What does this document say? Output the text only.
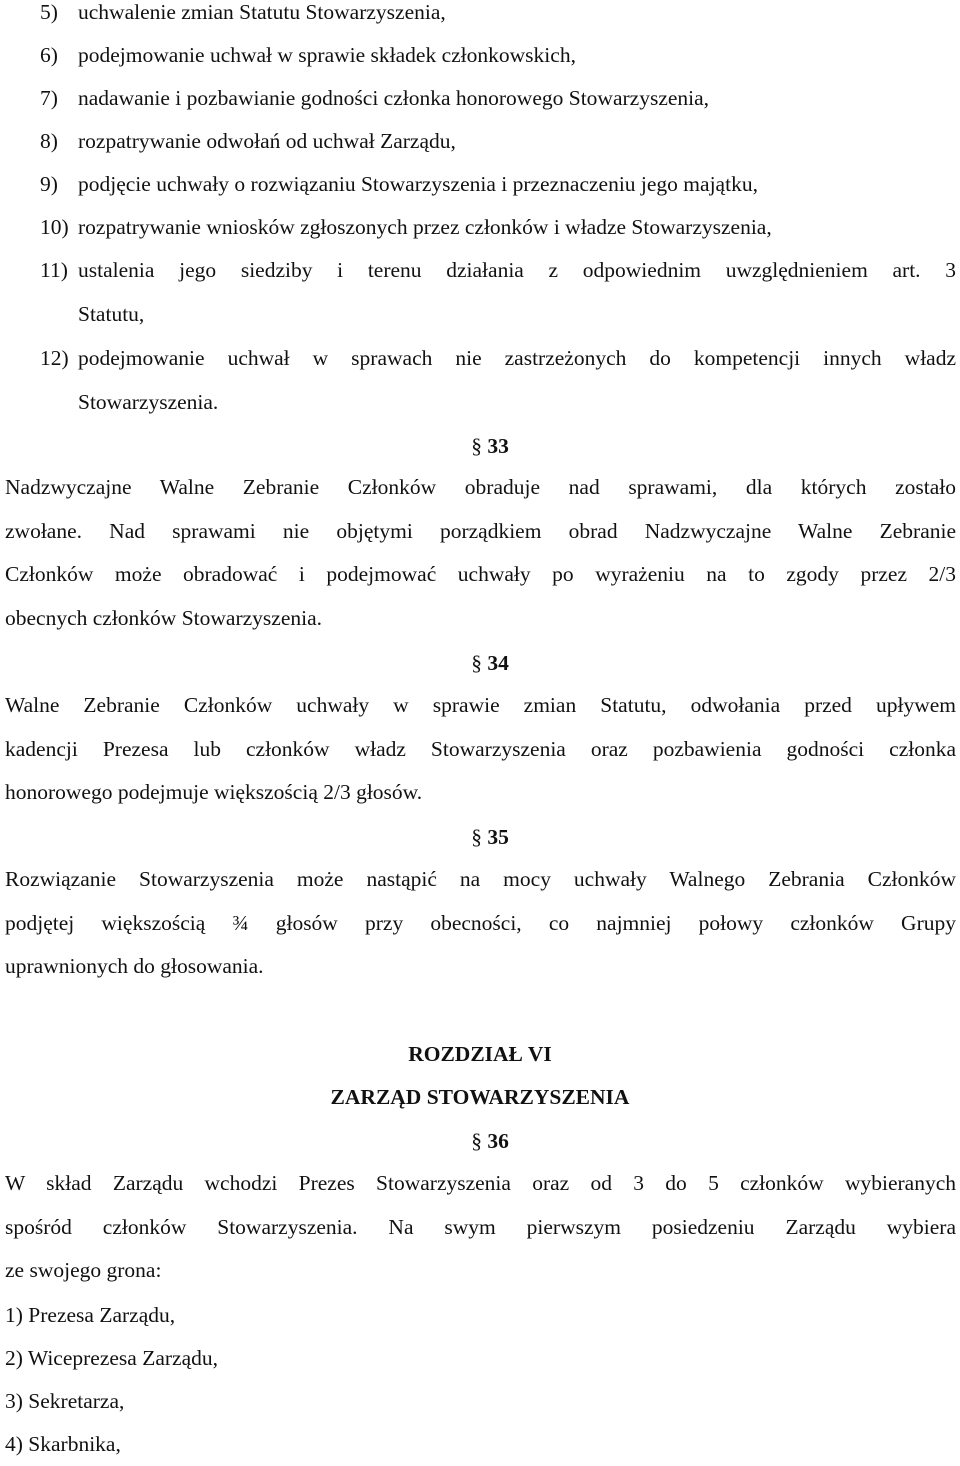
5) uchwalenie zmian Statutu Stowarzyszenia,
6) podejmowanie uchwał w sprawie składek członkowskich,
7) nadawanie i pozbawianie godności członka honorowego Stowarzyszenia,
8) rozpatrywanie odwołań od uchwał Zarządu,
9) podjęcie uchwały o rozwiązaniu Stowarzyszenia i przeznaczeniu jego majątku,
10) rozpatrywanie wniosków zgłoszonych przez członków i władze Stowarzyszenia,
11) ustalenia jego siedziby i terenu działania z odpowiednim uwzględnieniem art. 3
Statutu,
12) podejmowanie uchwał w sprawach nie zastrzeżonych do kompetencji innych władz
Stowarzyszenia.
§ 33
Nadzwyczajne Walne Zebranie Członków obraduje nad sprawami, dla których zostało
zwołane. Nad sprawami nie objętymi porządkiem obrad Nadzwyczajne Walne Zebranie
Członków może obradować i podejmować uchwały po wyrażeniu na to zgody przez 2/3
obecnych członków Stowarzyszenia.
§ 34
Walne Zebranie Członków uchwały w sprawie zmian Statutu, odwołania przed upływem
kadencji Prezesa lub członków władz Stowarzyszenia oraz pozbawienia godności członka
honorowego podejmuje większością 2/3 głosów.
§ 35
Rozwiązanie Stowarzyszenia może nastąpić na mocy uchwały Walnego Zebrania Członków
podjętej większością ¾ głosów przy obecności, co najmniej połowy członków Grupy
uprawnionych do głosowania.
ROZDZIAŁ VI
ZARZĄD STOWARZYSZENIA
§ 36
W skład Zarządu wchodzi Prezes Stowarzyszenia oraz od 3 do 5 członków wybieranych
spośród członków Stowarzyszenia. Na swym pierwszym posiedzeniu Zarządu wybiera
ze swojego grona:
1) Prezesa Zarządu,
2) Wiceprezesa Zarządu,
3) Sekretarza,
4) Skarbnika,
